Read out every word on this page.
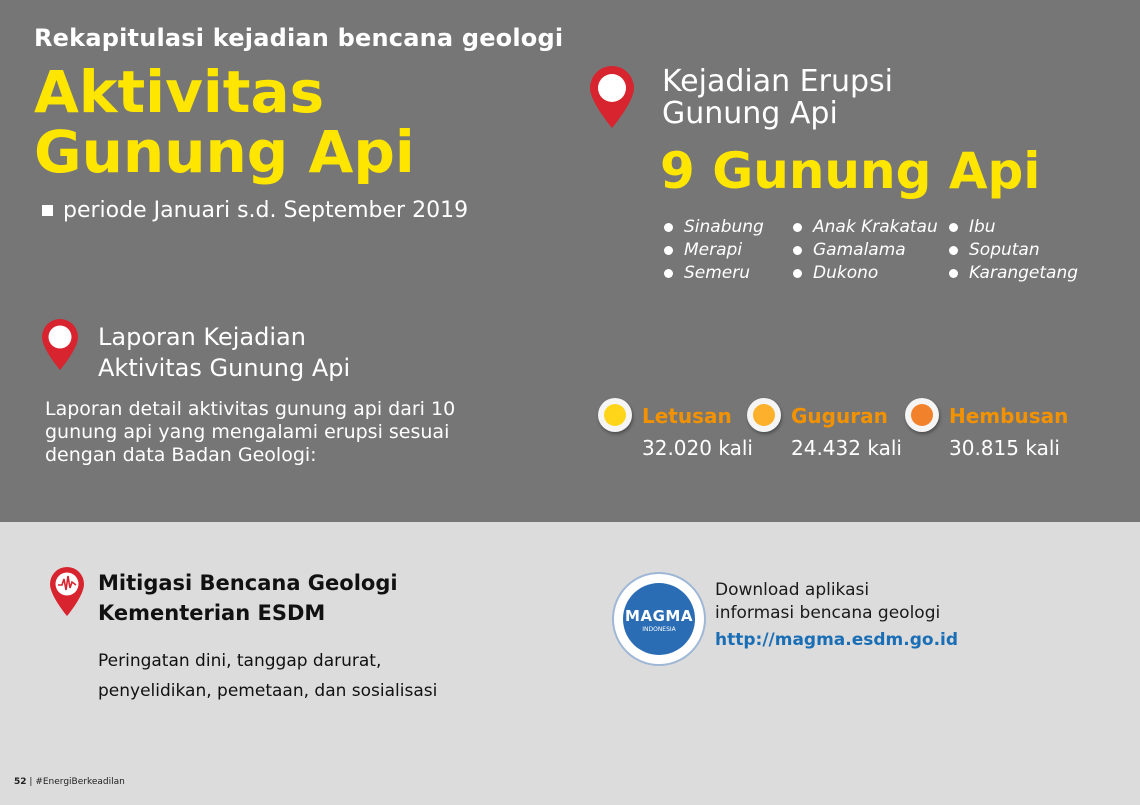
Rekapitulasi kejadian bencana geologi
Aktivitas
Gunung Api
periode Januari s.d. September 2019
Kejadian Erupsi
Gunung Api
9 Gunung Api
Sinabung
Merapi
Semeru
Anak Krakatau
Gamalama
Dukono
Ibu
Soputan
Karangetang
Laporan Kejadian
Aktivitas Gunung Api
Laporan detail aktivitas gunung api dari 10 gunung api yang mengalami erupsi sesuai dengan data Badan Geologi:
Letusan
32.020 kali
Guguran
24.432 kali
Hembusan
30.815 kali
Mitigasi Bencana Geologi
Kementerian ESDM
Peringatan dini, tanggap darurat,
penyelidikan, pemetaan, dan sosialisasi
MAGMA
INDONESIA
Download aplikasi
informasi bencana geologi
http://magma.esdm.go.id
52 | #EnergiBerkeadilan
